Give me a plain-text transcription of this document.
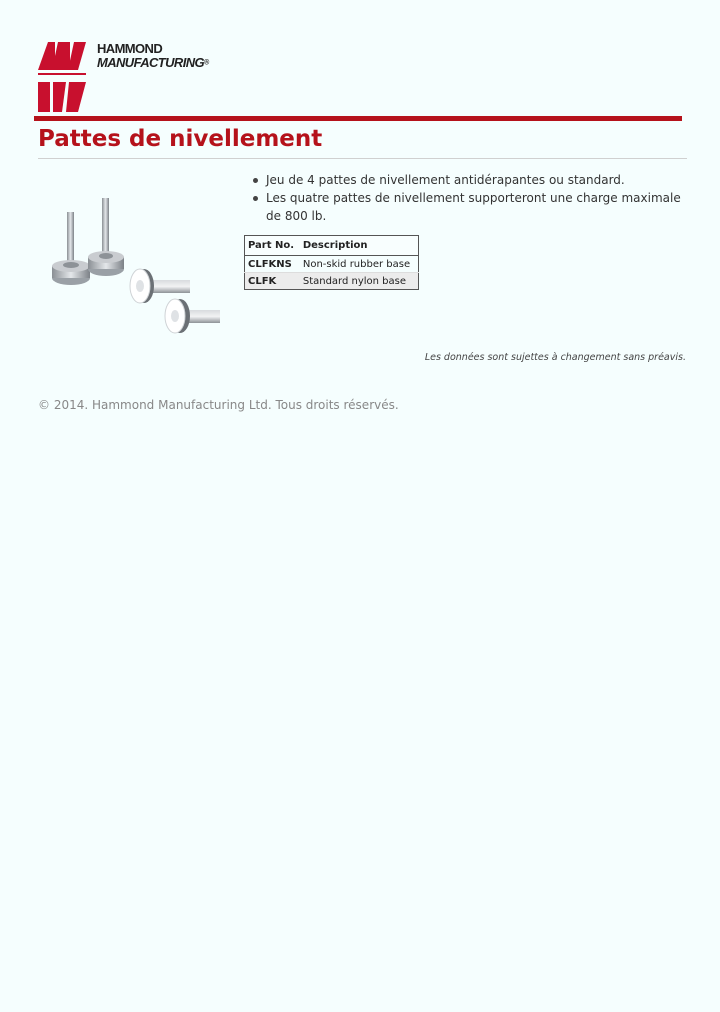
HAMMOND
MANUFACTURING®
Pattes de nivellement
Jeu de 4 pattes de nivellement antidérapantes ou standard.
Les quatre pattes de nivellement supporteront une charge maximale de 800 lb.
Part No.	Description
CLFKNS	Non-skid rubber base
CLFK	Standard nylon base
Les données sont sujettes à changement sans préavis.
© 2014. Hammond Manufacturing Ltd. Tous droits réservés.
